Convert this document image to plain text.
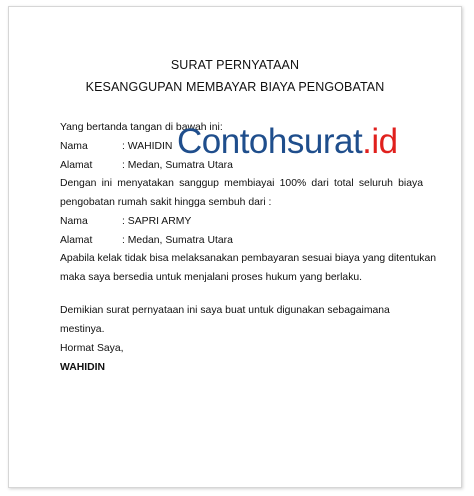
SURAT PERNYATAAN
KESANGGUPAN MEMBAYAR BIAYA PENGOBATAN
Yang bertanda tangan di bawah ini:
Nama	: WAHIDIN
Alamat	: Medan, Sumatra Utara
Dengan ini menyatakan sanggup membiayai 100% dari total seluruh biaya
pengobatan rumah sakit hingga sembuh dari :
Nama	: SAPRI ARMY
Alamat	: Medan, Sumatra Utara
Apabila kelak tidak bisa melaksanakan pembayaran sesuai biaya yang ditentukan
maka saya bersedia untuk menjalani proses hukum yang berlaku.
Demikian surat pernyataan ini saya buat untuk digunakan sebagaimana
mestinya.
Hormat Saya,
WAHIDIN
Contohsurat.id
